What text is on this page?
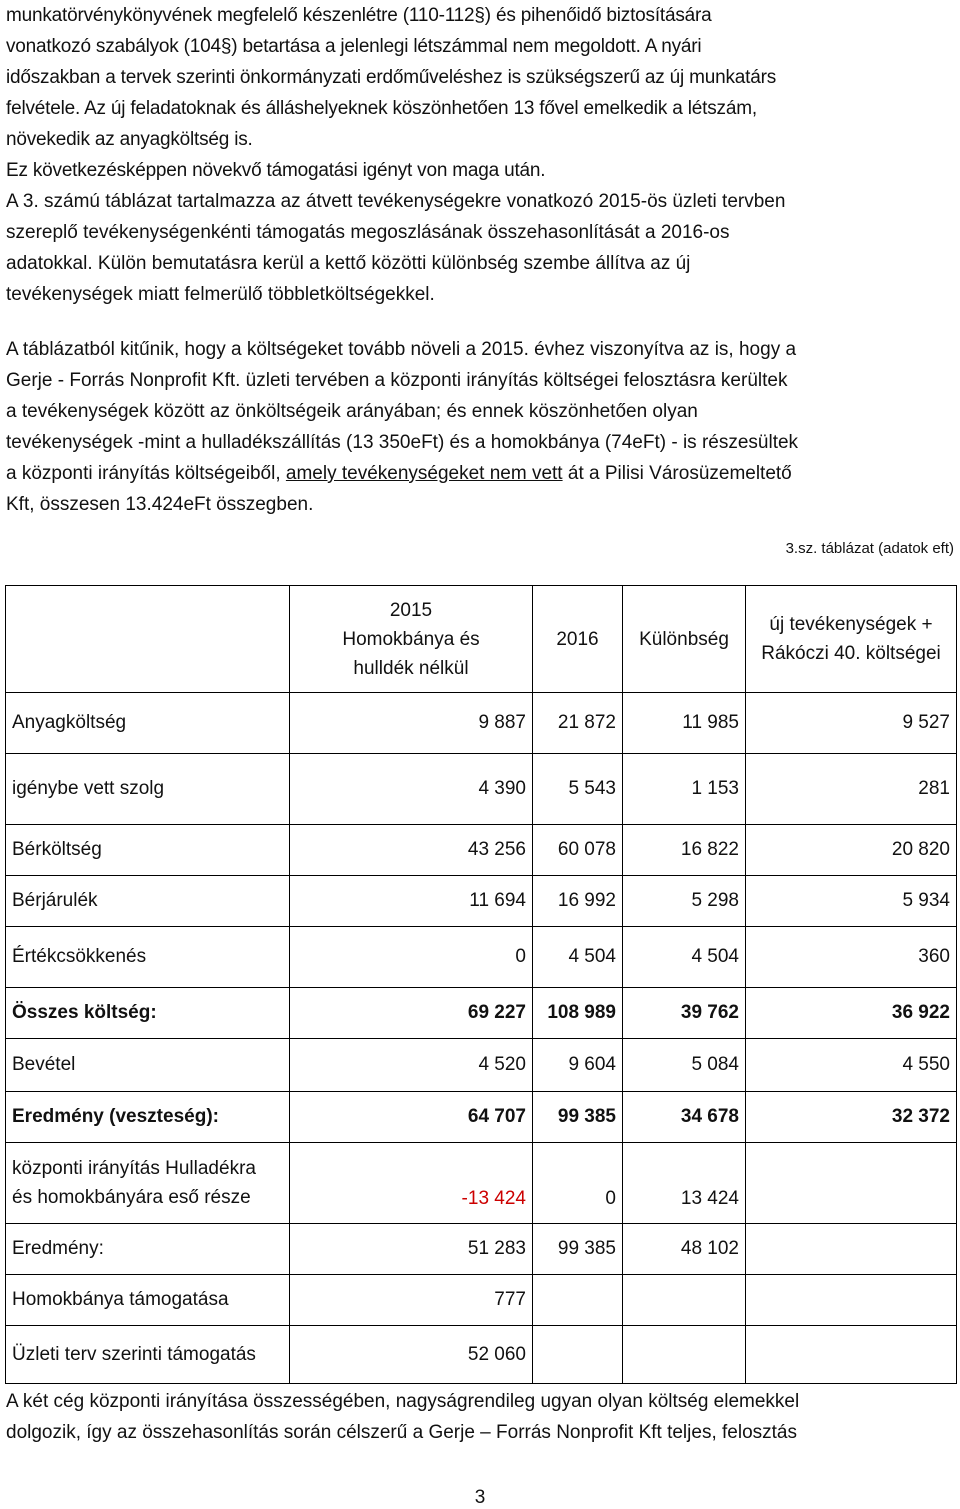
munkatörvénykönyvének megfelelő készenlétre (110-112§) és pihenőidő biztosítására
vonatkozó szabályok (104§) betartása a jelenlegi létszámmal nem megoldott. A nyári
időszakban a tervek szerinti önkormányzati erdőműveléshez is szükségszerű az új munkatárs
felvétele. Az új feladatoknak és álláshelyeknek köszönhetően 13 fővel emelkedik a létszám,
növekedik az anyagköltség is.

Ez következésképpen növekvő támogatási igényt von maga után.

A 3. számú táblázat tartalmazza az átvett tevékenységekre vonatkozó 2015-ös üzleti tervben
szereplő tevékenységenkénti támogatás megoszlásának összehasonlítását a 2016-os
adatokkal. Külön bemutatásra kerül a kettő közötti különbség szembe állítva az új
tevékenységek miatt felmerülő többletköltségekkel.

A táblázatból kitűnik, hogy a költségeket tovább növeli a 2015. évhez viszonyítva az is, hogy a
Gerje - Forrás Nonprofit Kft. üzleti tervében a központi irányítás költségei felosztásra kerültek
a tevékenységek között az önköltségeik arányában; és ennek köszönhetően olyan
tevékenységek -mint a hulladékszállítás (13 350eFt) és a homokbánya (74eFt) - is részesültek
a központi irányítás költségeiből, amely tevékenységeket nem vett át a Pilisi Városüzemeltető
Kft, összesen 13.424eFt összegben.

3.sz. táblázat (adatok eft)
	2015
Homokbánya és
hulldék nélkül	2016	Különbség	új tevékenységek +
Rákóczi 40. költségei
Anyagköltség	9 887	21 872	11 985	9 527
igénybe vett szolg	4 390	5 543	1 153	281
Bérköltség	43 256	60 078	16 822	20 820
Bérjárulék	11 694	16 992	5 298	5 934
Értékcsökkenés	0	4 504	4 504	360
Összes költség:	69 227	108 989	39 762	36 922
Bevétel	4 520	9 604	5 084	4 550
Eredmény (veszteség):	64 707	99 385	34 678	32 372
központi irányítás Hulladékra
és homokbányára eső része	-13 424	0	13 424	
Eredmény:	51 283	99 385	48 102	
Homokbánya támogatása	777			
Üzleti terv szerinti támogatás	52 060			

A két cég központi irányítása összességében, nagyságrendileg ugyan olyan költség elemekkel
dolgozik, így az összehasonlítás során célszerű a Gerje – Forrás Nonprofit Kft teljes, felosztás

3
